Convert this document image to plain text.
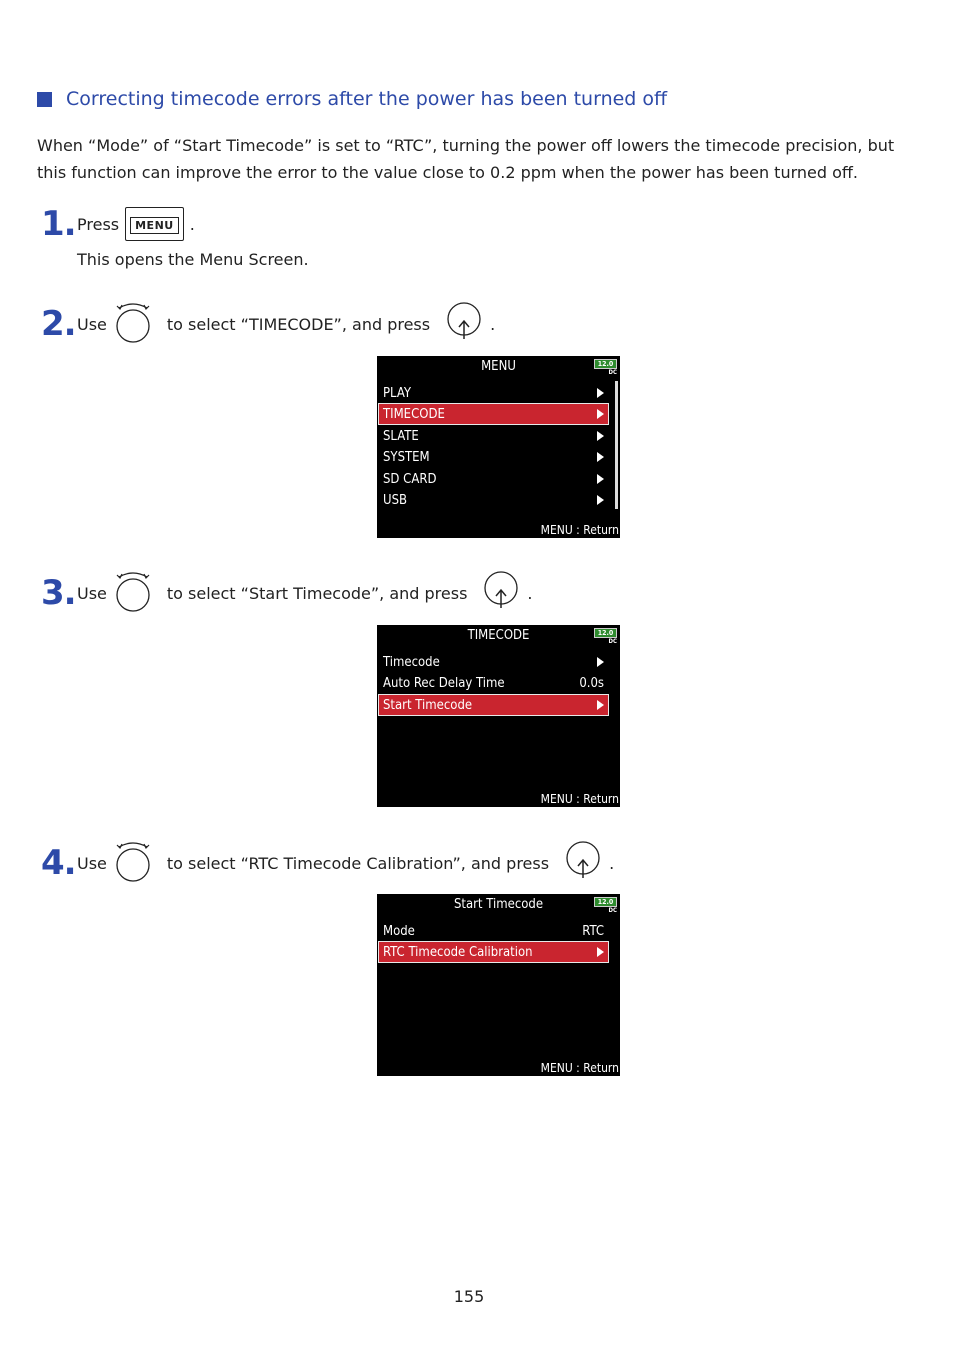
Correcting timecode errors after the power has been turned off

When “Mode” of “Start Timecode” is set to “RTC”, turning the power off lowers the timecode precision, but this function can improve the error to the value close to 0.2 ppm when the power has been turned off.

1. Press	MENU	.
This opens the Menu Screen.
2. Use	to select “TIMECODE”, and press	.
MENU	12.0
DC
PLAY
TIMECODE
SLATE
SYSTEM
SD CARD
USB
MENU : Return
3. Use	to select “Start Timecode”, and press	.
TIMECODE	12.0
DC
Timecode
Auto Rec Delay Time	0.0s
Start Timecode
MENU : Return
4. Use	to select “RTC Timecode Calibration”, and press	.
Start Timecode	12.0
DC
Mode	RTC
RTC Timecode Calibration
MENU : Return
155
